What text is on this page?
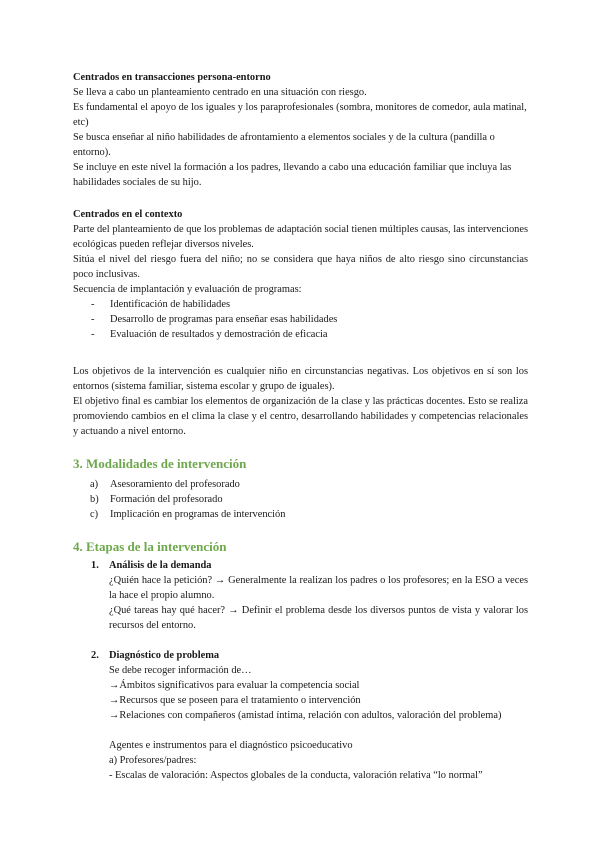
Centrados en transacciones persona-entorno

Se lleva a cabo un planteamiento centrado en una situación con riesgo.

Es fundamental el apoyo de los iguales y los paraprofesionales (sombra, monitores de comedor, aula matinal, etc)

Se busca enseñar al niño habilidades de afrontamiento a elementos sociales y de la cultura (pandilla o entorno).

Se incluye en este nivel la formación a los padres, llevando a cabo una educación familiar que incluya las habilidades sociales de su hijo.

Centrados en el contexto

Parte del planteamiento de que los problemas de adaptación social tienen múltiples causas, las intervenciones ecológicas pueden reflejar diversos niveles.

Sitúa el nivel del riesgo fuera del niño; no se considera que haya niños de alto riesgo sino circunstancias poco inclusivas.

Secuencia de implantación y evaluación de programas:

- Identificación de habilidades
- Desarrollo de programas para enseñar esas habilidades
- Evaluación de resultados y demostración de eficacia

Los objetivos de la intervención es cualquier niño en circunstancias negativas. Los objetivos en sí son los entornos (sistema familiar, sistema escolar y grupo de iguales).

El objetivo final es cambiar los elementos de organización de la clase y las prácticas docentes. Esto se realiza promoviendo cambios en el clima la clase y el centro, desarrollando habilidades y competencias relacionales y actuando a nivel entorno.

3. Modalidades de intervención
a) Asesoramiento del profesorado
b) Formación del profesorado
c) Implicación en programas de intervención
4. Etapas de la intervención
1. Análisis de la demanda

¿Quién hace la petición? → Generalmente la realizan los padres o los profesores; en la ESO a veces la hace el propio alumno.

¿Qué tareas hay qué hacer? → Definir el problema desde los diversos puntos de vista y valorar los recursos del entorno.

2. Diagnóstico de problema

Se debe recoger información de…

→Ámbitos significativos para evaluar la competencia social

→Recursos que se poseen para el tratamiento o intervención

→Relaciones con compañeros (amistad íntima, relación con adultos, valoración del problema)

Agentes e instrumentos para el diagnóstico psicoeducativo

a) Profesores/padres:

- Escalas de valoración: Aspectos globales de la conducta, valoración relativa “lo normal”
